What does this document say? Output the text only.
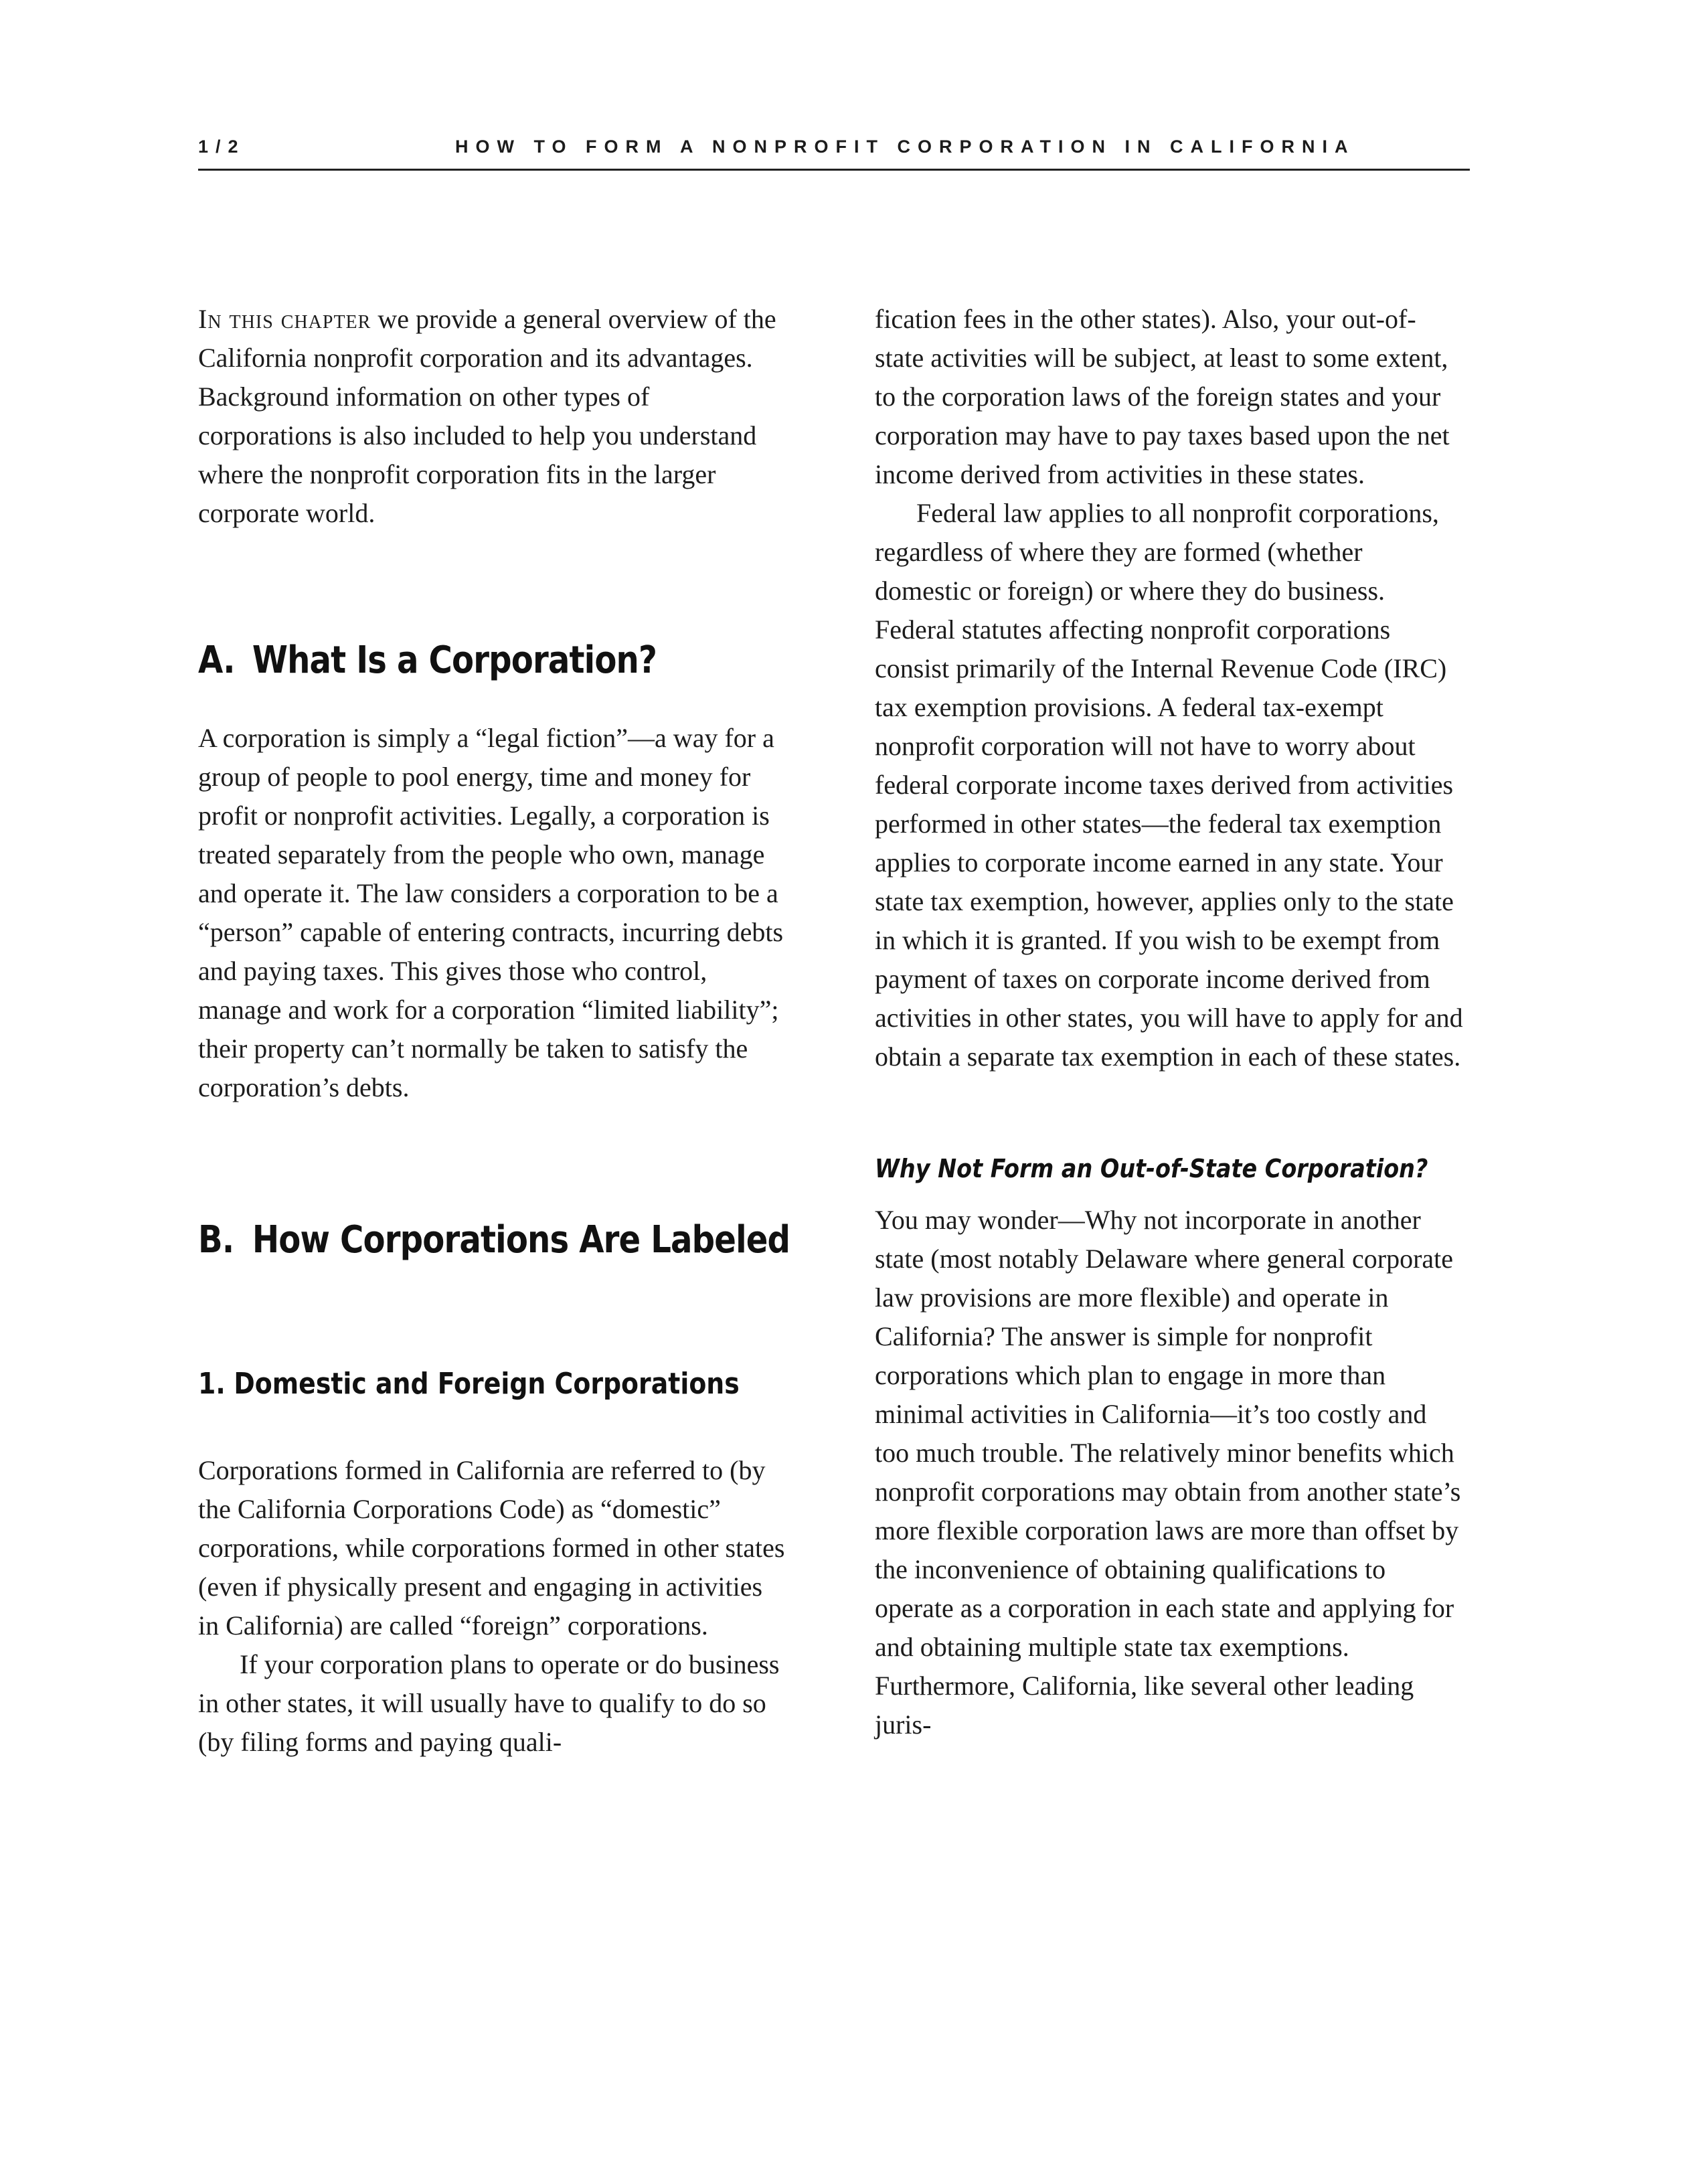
1/2	HOW TO FORM A NONPROFIT CORPORATION IN CALIFORNIA

In this chapter we provide a general overview of the California nonprofit corporation and its advantages. Background information on other types of corporations is also included to help you understand where the nonprofit corporation fits in the larger corporate world.

A. What Is a Corporation?

A corporation is simply a “legal fiction”—a way for a group of people to pool energy, time and money for profit or nonprofit activities. Legally, a corporation is treated separately from the people who own, manage and operate it. The law considers a corporation to be a “person” capable of entering contracts, incurring debts and paying taxes. This gives those who control, manage and work for a corporation “limited liability”; their property can’t normally be taken to satisfy the corporation’s debts.

B. How Corporations Are Labeled
1. Domestic and Foreign Corporations

Corporations formed in California are referred to (by the California Corporations Code) as “domestic” corporations, while corporations formed in other states (even if physically present and engaging in activities in California) are called “foreign” corporations.

If your corporation plans to operate or do business in other states, it will usually have to qualify to do so (by filing forms and paying quali-

fication fees in the other states). Also, your out-of-state activities will be subject, at least to some extent, to the corporation laws of the foreign states and your corporation may have to pay taxes based upon the net income derived from activities in these states.

Federal law applies to all nonprofit corporations, regardless of where they are formed (whether domestic or foreign) or where they do business. Federal statutes affecting nonprofit corporations consist primarily of the Internal Revenue Code (IRC) tax exemption provisions. A federal tax-exempt nonprofit corporation will not have to worry about federal corporate income taxes derived from activities performed in other states—the federal tax exemption applies to corporate income earned in any state. Your state tax exemption, however, applies only to the state in which it is granted. If you wish to be exempt from payment of taxes on corporate income derived from activities in other states, you will have to apply for and obtain a separate tax exemption in each of these states.

Why Not Form an Out-of-State Corporation?

You may wonder—Why not incorporate in another state (most notably Delaware where general corporate law provisions are more flexible) and operate in California? The answer is simple for nonprofit corporations which plan to engage in more than minimal activities in California—it’s too costly and too much trouble. The relatively minor benefits which nonprofit corporations may obtain from another state’s more flexible corporation laws are more than offset by the inconvenience of obtaining qualifications to operate as a corporation in each state and applying for and obtaining multiple state tax exemptions. Furthermore, California, like several other leading juris-
